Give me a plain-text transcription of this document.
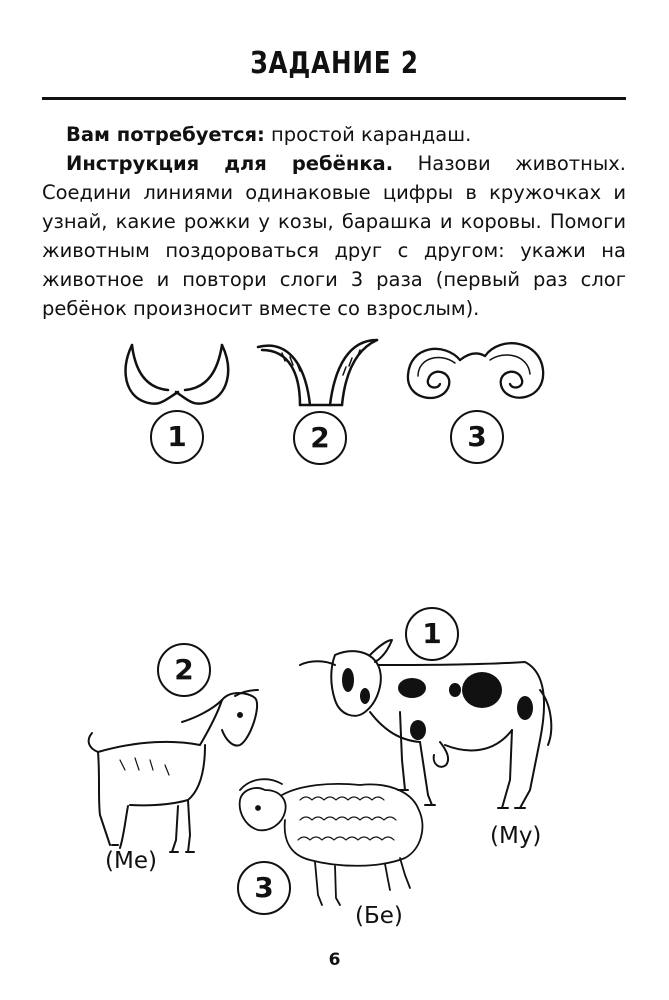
ЗАДАНИЕ 2

Вам потребуется: простой карандаш.

Инструкция для ребёнка. Назови животных. Соедини линиями одинаковые цифры в кружочках и узнай, какие рожки у козы, барашка и коровы. Помоги животным поздороваться друг с другом: укажи на животное и повтори слоги 3 раза (первый раз слог ребёнок произносит вместе со взрослым).

1	2	3
1
2
3
(Ме)
(Му)
(Бе)
6
